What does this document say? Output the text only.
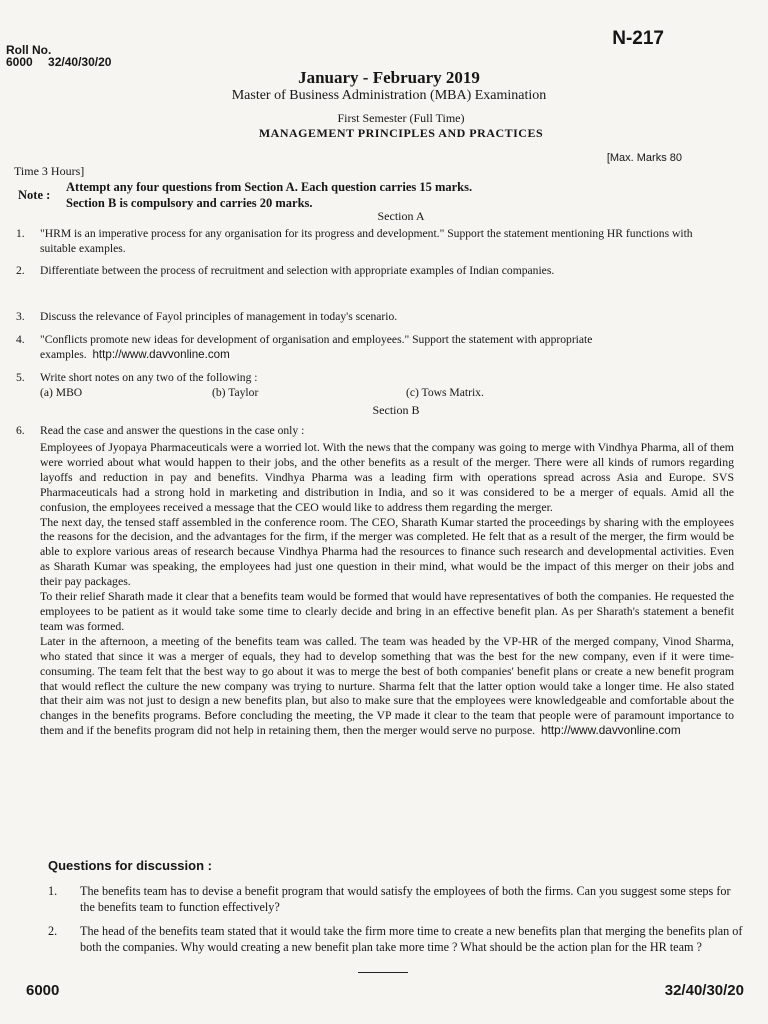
Roll No.
6000 32/40/30/20
N-217
January - February 2019
Master of Business Administration (MBA) Examination
First Semester (Full Time)
MANAGEMENT PRINCIPLES AND PRACTICES
[Max. Marks 80
Time 3 Hours]
Note :
Attempt any four questions from Section A. Each question carries 15 marks.
Section B is compulsory and carries 20 marks.
Section A
1. "HRM is an imperative process for any organisation for its progress and development." Support the statement mentioning HR functions with suitable examples.
2. Differentiate between the process of recruitment and selection with appropriate examples of Indian companies.
3. Discuss the relevance of Fayol principles of management in today's scenario.
4. "Conflicts promote new ideas for development of organisation and employees." Support the statement with appropriate examples. http://www.davvonline.com
5. Write short notes on any two of the following :
(a) MBO	(b) Taylor	(c) Tows Matrix.
Section B
6. Read the case and answer the questions in the case only :

Employees of Jyopaya Pharmaceuticals were a worried lot. With the news that the company was going to merge with Vindhya Pharma, all of them were worried about what would happen to their jobs, and the other benefits as a result of the merger. There were all kinds of rumors regarding layoffs and reduction in pay and benefits. Vindhya Pharma was a leading firm with operations spread across Asia and Europe. SVS Pharmaceuticals had a strong hold in marketing and distribution in India, and so it was considered to be a merger of equals. Amid all the confusion, the employees received a message that the CEO would like to address them regarding the merger.

The next day, the tensed staff assembled in the conference room. The CEO, Sharath Kumar started the proceedings by sharing with the employees the reasons for the decision, and the advantages for the firm, if the merger was completed. He felt that as a result of the merger, the firm would be able to explore various areas of research because Vindhya Pharma had the resources to finance such research and developmental activities. Even as Sharath Kumar was speaking, the employees had just one question in their mind, what would be the impact of this merger on their jobs and their pay packages.

To their relief Sharath made it clear that a benefits team would be formed that would have representatives of both the companies. He requested the employees to be patient as it would take some time to clearly decide and bring in an effective benefit plan. As per Sharath's statement a benefit team was formed.

Later in the afternoon, a meeting of the benefits team was called. The team was headed by the VP-HR of the merged company, Vinod Sharma, who stated that since it was a merger of equals, they had to develop something that was the best for the new company, even if it were time-consuming. The team felt that the best way to go about it was to merge the best of both companies' benefit plans or create a new benefit program that would reflect the culture the new company was trying to nurture. Sharma felt that the latter option would take a longer time. He also stated that their aim was not just to design a new benefits plan, but also to make sure that the employees were knowledgeable and comfortable about the changes in the benefits programs. Before concluding the meeting, the VP made it clear to the team that people were of paramount importance to them and if the benefits program did not help in retaining them, then the merger would serve no purpose. http://www.davvonline.com

Questions for discussion :
1. The benefits team has to devise a benefit program that would satisfy the employees of both the firms. Can you suggest some steps for the benefits team to function effectively?
2. The head of the benefits team stated that it would take the firm more time to create a new benefits plan that merging the benefits plan of both the companies. Why would creating a new benefit plan take more time ? What should be the action plan for the HR team ?
6000	32/40/30/20
